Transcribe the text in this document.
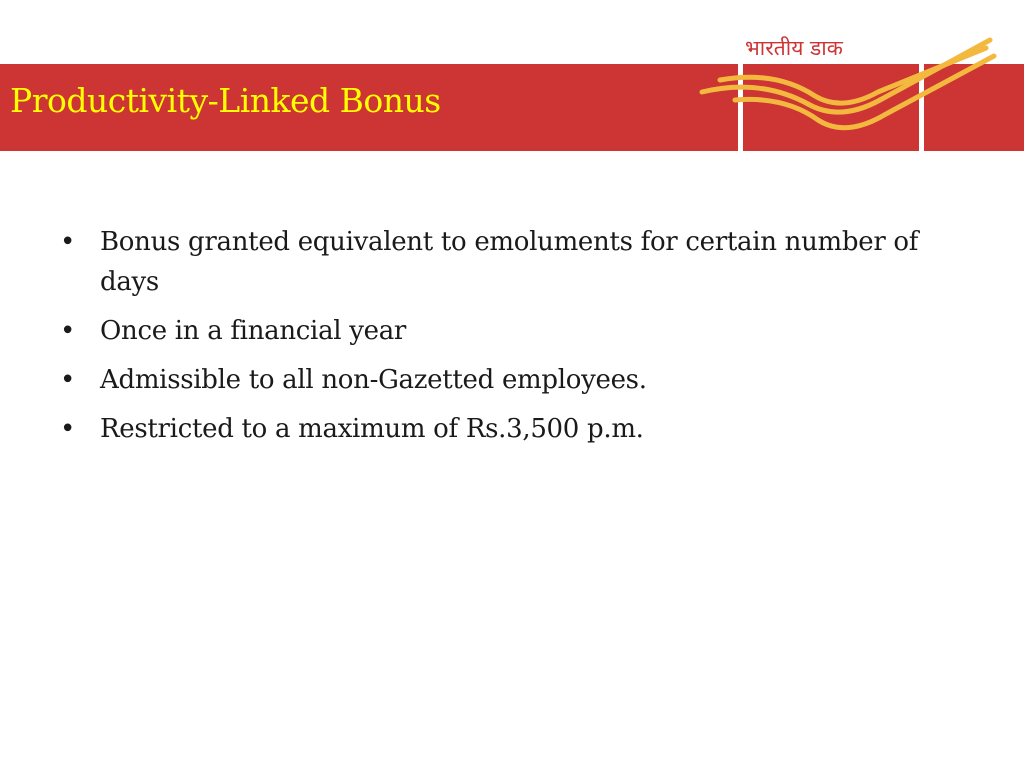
Productivity-Linked Bonus
भारतीय डाक
• Bonus granted equivalent to emoluments for certain number of days
• Once in a financial year
• Admissible to all non-Gazetted employees.
• Restricted to a maximum of Rs.3,500 p.m.
